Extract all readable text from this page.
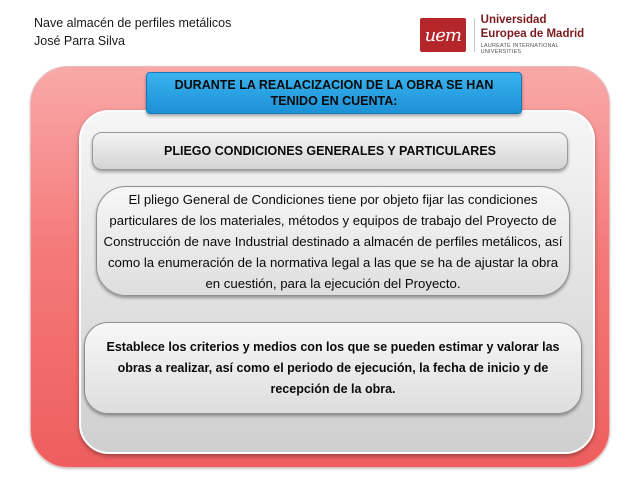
Nave almacén de perfiles metálicos
José Parra Silva	uem
Universidad
Europea de Madrid
LAUREATE INTERNATIONAL UNIVERSITIES
DURANTE LA REALACIZACION DE LA OBRA SE HAN TENIDO EN CUENTA:
PLIEGO CONDICIONES GENERALES Y PARTICULARES
El pliego General de Condiciones tiene por objeto fijar las condiciones particulares de los materiales, métodos y equipos de trabajo del Proyecto de Construcción de nave Industrial destinado a almacén de perfiles metálicos, así como la enumeración de la normativa legal a las que se ha de ajustar la obra en cuestión, para la ejecución del Proyecto.
Establece los criterios y medios con los que se pueden estimar y valorar las obras a realizar, así como el periodo de ejecución, la fecha de inicio y de recepción de la obra.
